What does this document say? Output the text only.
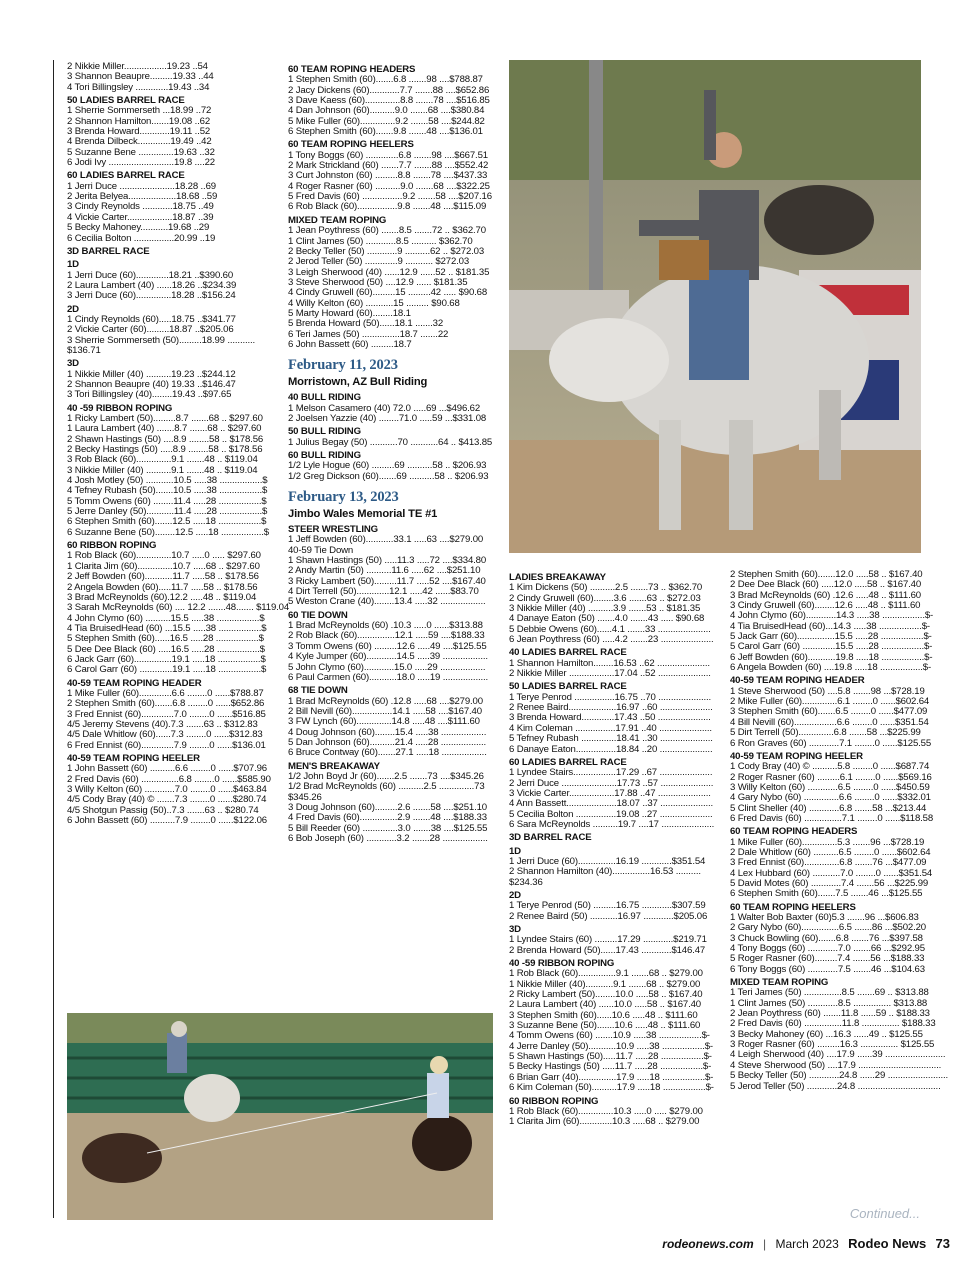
2 Nikkie Miller.................19.23 ..54
3 Shannon Beaupre.........19.33 ..44
4 Tori Billingsley .............19.43 ..34
50 LADIES BARREL RACE
1 Sherrie Sommerseth ...18.99 ..72
2 Shannon Hamilton.......19.08 ..62
3 Brenda Howard............19.11 ..52
4 Brenda Dilbeck.............19.49 ..42
5 Suzanne Bene ..............19.63 ..32
6 Jodi Ivy ..........................19.8 ....22
60 LADIES BARREL RACE
1 Jerri Duce ......................18.28 ..69
2 Jerita Belyea...................18.68 ..59
3 Cindy Reynolds ............18.75 ..49
4 Vickie Carter..................18.87 ..39
5 Becky Mahoney...........19.68 ..29
6 Cecilia Bolton ................20.99 ..19
3D BARREL RACE
1D
1 Jerri Duce (60).............18.21 ..$390.60
2 Laura Lambert (40) ......18.26 ..$234.39
3 Jerri Duce (60)..............18.28 ..$156.24
2D
1 Cindy Reynolds (60).....18.75 ..$341.77
2 Vickie Carter (60).........18.87 ..$205.06
3 Sherrie Sommerseth (50).........18.99 ...........
$136.71
3D
1 Nikkie Miller (40) ..........19.23 ..$244.12
2 Shannon Beaupre (40) 19.33 ..$146.47
3 Tori Billingsley (40)........19.43 ..$97.65
40 -59 RIBBON ROPING
1 Ricky Lambert (50).........8.7 .......68 .. $297.60
1 Laura Lambert (40) .......8.7 .......68 .. $297.60
2 Shawn Hastings (50) ....8.9 ........58 .. $178.56
2 Becky Hastings (50) .....8.9 ........58 .. $178.56
3 Rob Black (60)..............9.1 .......48 .. $119.04
3 Nikkie Miller (40) ..........9.1 .......48 .. $119.04
4 Josh Motley (50) ...........10.5 .....38 .................$
4 Tefney Rubash (50).......10.5 .....38 .................$
5 Tomm Owens (60) ........11.4 .....28 .................$
5 Jerre Danley (50)...........11.4 .....28 .................$
6 Stephen Smith (60).......12.5 .....18 .................$
6 Suzanne Bene (50)........12.5 .....18 .................$
60 RIBBON ROPING
1 Rob Black (60)..............10.7 .....0 ..... $297.60
1 Clarita Jim (60)..............10.7 .....68 .. $297.60
2 Jeff Bowden (60)...........11.7 .....58 .. $178.56
2 Angela Bowden (60).....11.7 .....58 .. $178.56
3 Brad McReynolds (60).12.2 .....48 .. $119.04
3 Sarah McReynolds (60) .... 12.2 .......48....... $119.04
4 John Clymo (60) ..........15.5 .....38 .................$
4 Tia BruisedHead (60) ...15.5 .....38 .................$
5 Stephen Smith (60)......16.5 .....28 .................$
5 Dee Dee Black (60) .....16.5 .....28 .................$
6 Jack Garr (60)...............19.1 .....18 .................$
6 Carol Garr (60) .............19.1 .....18 .................$
40-59 TEAM ROPING HEADER
1 Mike Fuller (60).............6.6 ........0 ......$788.87
2 Stephen Smith (60).......6.8 ........0 ......$652.86
3 Fred Ennist (60).............7.0 ........0 ......$516.85
4/5 Jeremy Stevens (40).7.3 .......63 .. $312.83
4/5 Dale Whitlow (60)......7.3 ........0 ......$312.83
6 Fred Ennist (60).............7.9 ........0 ......$136.01
40-59 TEAM ROPING HEELER
1 John Bassett (60) ..........6.6 ........0 ......$707.96
2 Fred Davis (60) ...............6.8 ........0 ......$585.90
3 Willy Kelton (60) ............7.0 ........0 ......$463.84
4/5 Cody Bray (40) © .......7.3 ........0 ......$280.74
4/5 Shotgun Passig (50)..7.3 .......63 .. $280.74
6 John Bassett (60) ..........7.9 ........0 ......$122.06
60 TEAM ROPING HEADERS
1 Stephen Smith (60).......6.8 .......98 ....$788.87
2 Jacy Dickens (60)............7.7 .......88 ....$652.86
3 Dave Kaess (60)..............8.8 .......78 ....$516.85
4 Dan Johnson (60)..........9.0 .......68 ....$380.84
5 Mike Fuller (60)..............9.2 .......58 ....$244.82
6 Stephen Smith (60).......9.8 .......48 ....$136.01
60 TEAM ROPING HEELERS
1 Tony Boggs (60) .............6.8 .......98 ....$667.51
2 Mark Strickland (60) .......7.7 .......88 ....$552.42
3 Curt Johnston (60) .........8.8 .......78 ....$437.33
4 Roger Rasner (60) ..........9.0 .......68 ....$322.25
5 Fred Davis (60) ................9.2 .......58 ....$207.16
6 Rob Black (60)................9.8 .......48 ....$115.09
MIXED TEAM ROPING
1 Jean Poythress (60) .......8.5 .......72 .. $362.70
1 Clint James (50) ............8.5 .......... $362.70
2 Becky Teller (50) ............9 ..........62 .. $272.03
2 Jerod Teller (50) .............9 ........... $272.03
3 Leigh Sherwood (40) ......12.9 ......52 .. $181.35
3 Steve Sherwood (50) ....12.9 ...... $181.35
4 Cindy Gruwell (60).........15 .........42 ..... $90.68
4 Willy Kelton (60) ...........15 ......... $90.68
5 Marty Howard (60)........18.1
5 Brenda Howard (50)......18.1 .......32
6 Teri James (50) ...............18.7 .......22
6 John Bassett (60) .........18.7
February 11, 2023
Morristown, AZ Bull Riding
40 BULL RIDING
1 Melson Casamero (40) 72.0 .....69 ...$496.62
2 Joelsen Yazzie (40) ........71.0 .....59 ...$331.08
50 BULL RIDING
1 Julius Begay (50) ...........70 ...........64 .. $413.85
60 BULL RIDING
1/2 Lyle Hogue (60) .........69 ..........58 .. $206.93
1/2 Greg Dickson (60).......69 ..........58 .. $206.93
February 13, 2023
Jimbo Wales Memorial TE #1
STEER WRESTLING
1 Jeff Bowden (60)...........33.1 .....63 ....$279.00
40-59 Tie Down
1 Shawn Hastings (50) .....11.3 .....72 ....$334.80
2 Andy Martin (50) ..........11.6 .....62 ....$251.10
3 Ricky Lambert (50).........11.7 .....52 ....$167.40
4 Dirt Terrell (50).............12.1 .....42 ......$83.70
5 Weston Crane (40)........13.4 .....32 ..................
60 TIE DOWN
1 Brad McReynolds (60) .10.3 .....0 ......$313.88
2 Rob Black (60)...............12.1 .....59 ....$188.33
3 Tomm Owens (60) .........12.6 .....49 ....$125.55
4 Kyle Jumper (60)............14.5 .....39 ..................
5 John Clymo (60)............15.0 .....29 ..................
6 Paul Carmen (60)...........18.0 .....19 ..................
68 TIE DOWN
1 Brad McReynolds (60) .12.8 .....68 ....$279.00
2 Bill Nevill (60)................14.1 .....58 ....$167.40
3 FW Lynch (60)..............14.8 .....48 ....$111.60
4 Doug Johnson (60)........15.4 .....38 ..................
5 Dan Johnson (60)..........21.4 .....28 ..................
6 Bruce Contway (60).......27.1 .....18 ..................
MEN'S BREAKAWAY
1/2 John Boyd Jr (60).......2.5 .......73 ....$345.26
1/2 Brad McReynolds (60) ..........2.5 ..............73
$345.26
3 Doug Johnson (60).........2.6 .......58 ....$251.10
4 Fred Davis (60)...............2.9 .......48 ....$188.33
5 Bill Reeder (60) ..............3.0 .......38 ....$125.55
6 Bob Joseph (60) ............3.2 .......28 ..................
LADIES BREAKAWAY
1 Kim Dickens (50) ..........2.5 .......73 .. $362.70
2 Cindy Gruwell (60)........3.6 .......63 .. $272.03
3 Nikkie Miller (40) ..........3.9 .......53 .. $181.35
4 Danaye Eaton (50) .......4.0 .......43 ..... $90.68
5 Debbie Owens (60)......4.1 .......33 .....................
6 Jean Poythress (60) .....4.2 .......23 .....................
40 LADIES BARREL RACE
1 Shannon Hamilton........16.53 ..62 .....................
2 Nikkie Miller ..................17.04 ..52 .....................
50 LADIES BARREL RACE
1 Terye Penrod ................16.75 ..70 .....................
2 Renee Baird...................16.97 ..60 .....................
3 Brenda Howard.............17.43 ..50 .....................
4 Kim Coleman ................17.91 ..40 .....................
5 Tefney Rubash ..............18.41 ..30 .....................
6 Danaye Eaton................18.84 ..20 .....................
60 LADIES BARREL RACE
1 Lyndee Stairs.................17.29 ..67 .....................
2 Jerri Duce ......................17.73 ..57 .....................
3 Vickie Carter..................17.88 ..47 .....................
4 Ann Bassett....................18.07 ..37 .....................
5 Cecilia Bolton ................19.08 ..27 .....................
6 Sara McReynolds ..........19.7 ....17 .....................
3D BARREL RACE
1D
1 Jerri Duce (60)...............16.19 ............$351.54
2 Shannon Hamilton (40)...............16.53 ..........
$234.36
2D
1 Terye Penrod (50) .........16.75 ............$307.59
2 Renee Baird (50) ...........16.97 ............$205.06
3D
1 Lyndee Stairs (60) .........17.29 ............$219.71
2 Brenda Howard (50)......17.43 ............$146.47
40 -59 RIBBON ROPING
1 Rob Black (60)...............9.1 .......68 .. $279.00
1 Nikkie Miller (40)...........9.1 .......68 .. $279.00
2 Ricky Lambert (50)........10.0 .....58 .. $167.40
2 Laura Lambert (40) ......10.0 .....58 .. $167.40
3 Stephen Smith (60)......10.6 .....48 .. $111.60
3 Suzanne Bene (50).......10.6 .....48 .. $111.60
4 Tomm Owens (60) .......10.9 .....38 .................$-
4 Jerre Danley (50)...........10.9 .....38 .................$-
5 Shawn Hastings (50).....11.7 .....28 .................$-
5 Becky Hastings (50) .....11.7 .....28 .................$-
6 Brian Garr (40)...............17.9 .....18 .................$-
6 Kim Coleman (50)..........17.9 .....18 .................$-
60 RIBBON ROPING
1 Rob Black (60)..............10.3 .....0 ..... $279.00
1 Clarita Jim (60).............10.3 .....68 .. $279.00
2 Stephen Smith (60).......12.0 .....58 .. $167.40
2 Dee Dee Black (60) .....12.0 .....58 .. $167.40
3 Brad McReynolds (60) .12.6 .....48 .. $111.60
3 Cindy Gruwell (60)........12.6 .....48 .. $111.60
4 John Clymo (60)............14.3 .....38 .................$-
4 Tia BruisedHead (60)...14.3 .....38 .................$-
5 Jack Garr (60)...............15.5 .....28 .................$-
5 Carol Garr (60) .............15.5 .....28 .................$-
6 Jeff Bowden (60)...........19.8 .....18 .................$-
6 Angela Bowden (60) ....19.8 .....18 .................$-
40-59 TEAM ROPING HEADER
1 Steve Sherwood (50) ....5.8 .......98 ...$728.19
2 Mike Fuller (60)..............6.1 ........0 ......$602.64
3 Stephen Smith (60).......6.5 ........0 ......$477.09
4 Bill Nevill (60).................6.6 ........0 ......$351.54
5 Dirt Terrell (50)..............6.8 .......58 ...$225.99
6 Ron Graves (60) ............7.1 ........0 ......$125.55
40-59 TEAM ROPING HEELER
1 Cody Bray (40) © ..........5.8 ........0 ......$687.74
2 Roger Rasner (60) .........6.1 ........0 ......$569.16
3 Willy Kelton (60) ............6.5 ........0 ......$450.59
4 Gary Nybo (60) ..............6.6 ........0 ......$332.01
5 Clint Sheller (40) ............6.8 .......58 ...$213.44
6 Fred Davis (60) ...............7.1 ........0 ......$118.58
60 TEAM ROPING HEADERS
1 Mike Fuller (60)..............5.3 .......96 ...$728.19
2 Dale Whitlow (60) ..........6.5 ........0 ......$602.64
3 Fred Ennist (60)..............6.8 .......76 ...$477.09
4 Lex Hubbard (60) ...........7.0 ........0 ......$351.54
5 David Motes (60) ............7.4 .......56 ...$225.99
6 Stephen Smith (60).......7.5 .......46 ...$125.55
60 TEAM ROPING HEELERS
1 Walter Bob Baxter (60)5.3 .......96 ...$606.83
2 Gary Nybo (60)...............6.5 .......86 ...$502.20
3 Chuck Bowling (60).......6.8 .......76 ...$397.58
4 Tony Boggs (60) ............7.0 .......66 ...$292.95
5 Roger Rasner (60).........7.4 .......56 ...$188.33
6 Tony Boggs (60) ............7.5 .......46 ...$104.63
MIXED TEAM ROPING
1 Teri James (50) ...............8.5 .......69 .. $313.88
1 Clint James (50) ............8.5 ............... $313.88
2 Jean Poythress (60) .......11.8 ......59 .. $188.33
2 Fred Davis (60) ...............11.8 ............... $188.33
3 Becky Mahoney (60) ...16.3 ......49 .. $125.55
3 Roger Rasner (60) .........16.3 ............... $125.55
4 Leigh Sherwood (40) ....17.9 ......39 ........................
4 Steve Sherwood (50) ....17.9 .................................
5 Becky Teller (50) ............24.8 ......29 ........................
5 Jerod Teller (50) ............24.8 .................................
Continued...
rodeonews.com | March 2023 Rodeo News 73
